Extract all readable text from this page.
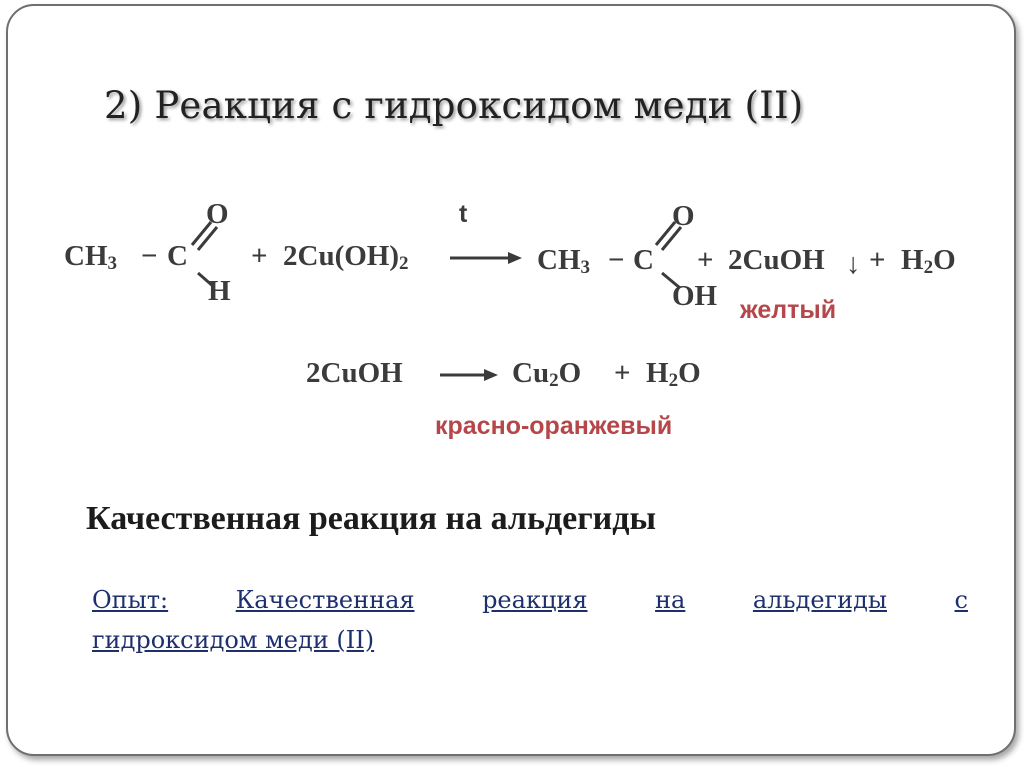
2) Реакция с гидроксидом меди (II)
$CH_3 - C$
O
H
+ $2Cu(OH)_2$
t
$CH_3 - C$
O
OH
+ 2CuOH ↓ + $H_2O$
желтый
2CuOH	$Cu_2O + H_2O$
красно-оранжевый
Качественная реакция на альдегиды
Опыт:	Качественная	реакция	на	альдегиды	с
гидроксидом меди (II)
